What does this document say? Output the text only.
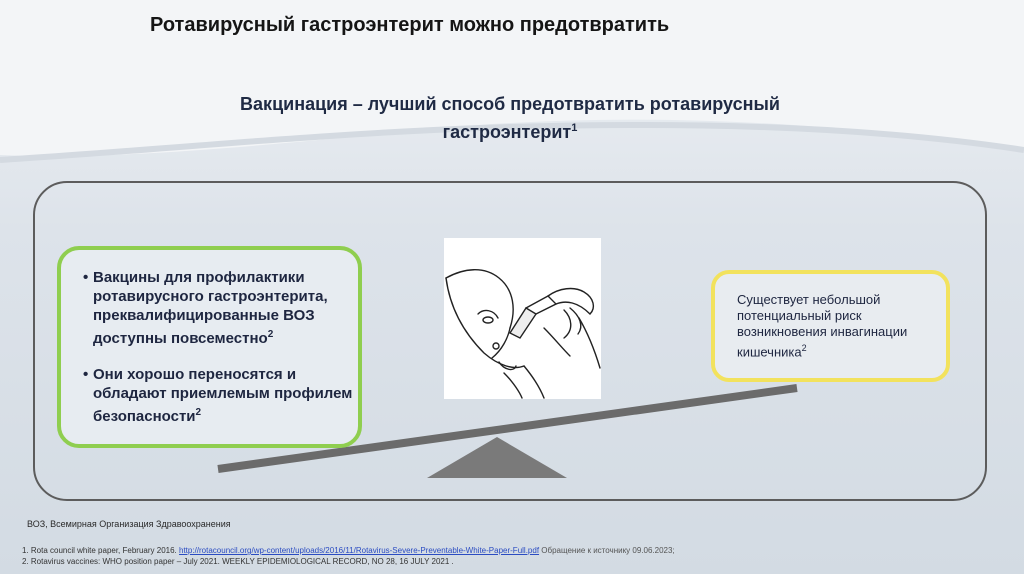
Ротавирусный гастроэнтерит можно предотвратить
Вакцинация – лучший способ предотвратить ротавирусный
гастроэнтерит$^1$
• Вакцины для профилактики ротавирусного гастроэнтерита, преквалифицированные ВОЗ доступны повсеместно$^2$
• Они хорошо переносятся и обладают приемлемым профилем безопасности$^2$
Существует небольшой потенциальный риск возникновения инвагинации кишечника$^2$
ВОЗ, Всемирная Организация Здравоохранения
1. Rota council white paper, February 2016. http://rotacouncil.org/wp-content/uploads/2016/11/Rotavirus-Severe-Preventable-White-Paper-Full.pdf Обращение к источнику 09.06.2023;
2. Rotavirus vaccines: WHO position paper – July 2021. WEEKLY EPIDEMIOLOGICAL RECORD, NO 28, 16 JULY 2021 .
